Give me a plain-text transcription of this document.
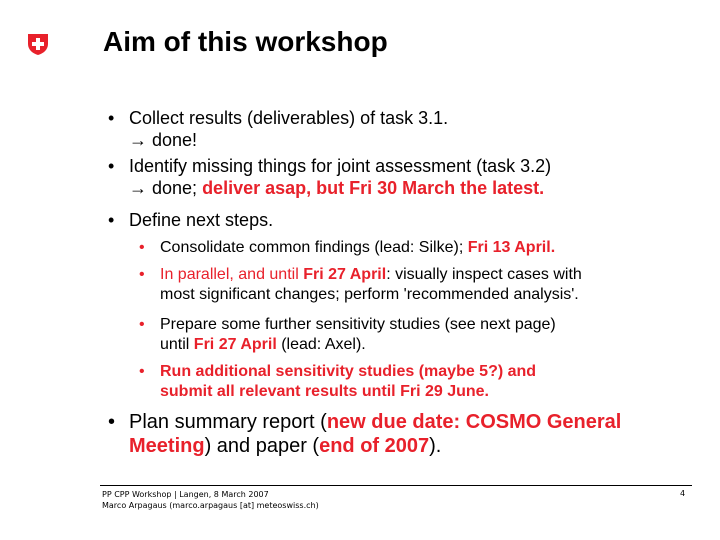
Aim of this workshop
• Collect results (deliverables) of task 3.1.
→ done!
• Identify missing things for joint assessment (task 3.2)
→ done; deliver asap, but Fri 30 March the latest.
• Define next steps.
• Consolidate common findings (lead: Silke); Fri 13 April.
• In parallel, and until Fri 27 April: visually inspect cases with
most significant changes; perform 'recommended analysis'.
• Prepare some further sensitivity studies (see next page)
until Fri 27 April (lead: Axel).
• Run additional sensitivity studies (maybe 5?) and
submit all relevant results until Fri 29 June.
• Plan summary report (new due date: COSMO General
Meeting) and paper (end of 2007).
PP CPP Workshop | Langen, 8 March 2007
Marco Arpagaus (marco.arpagaus [at] meteoswiss.ch)
4
